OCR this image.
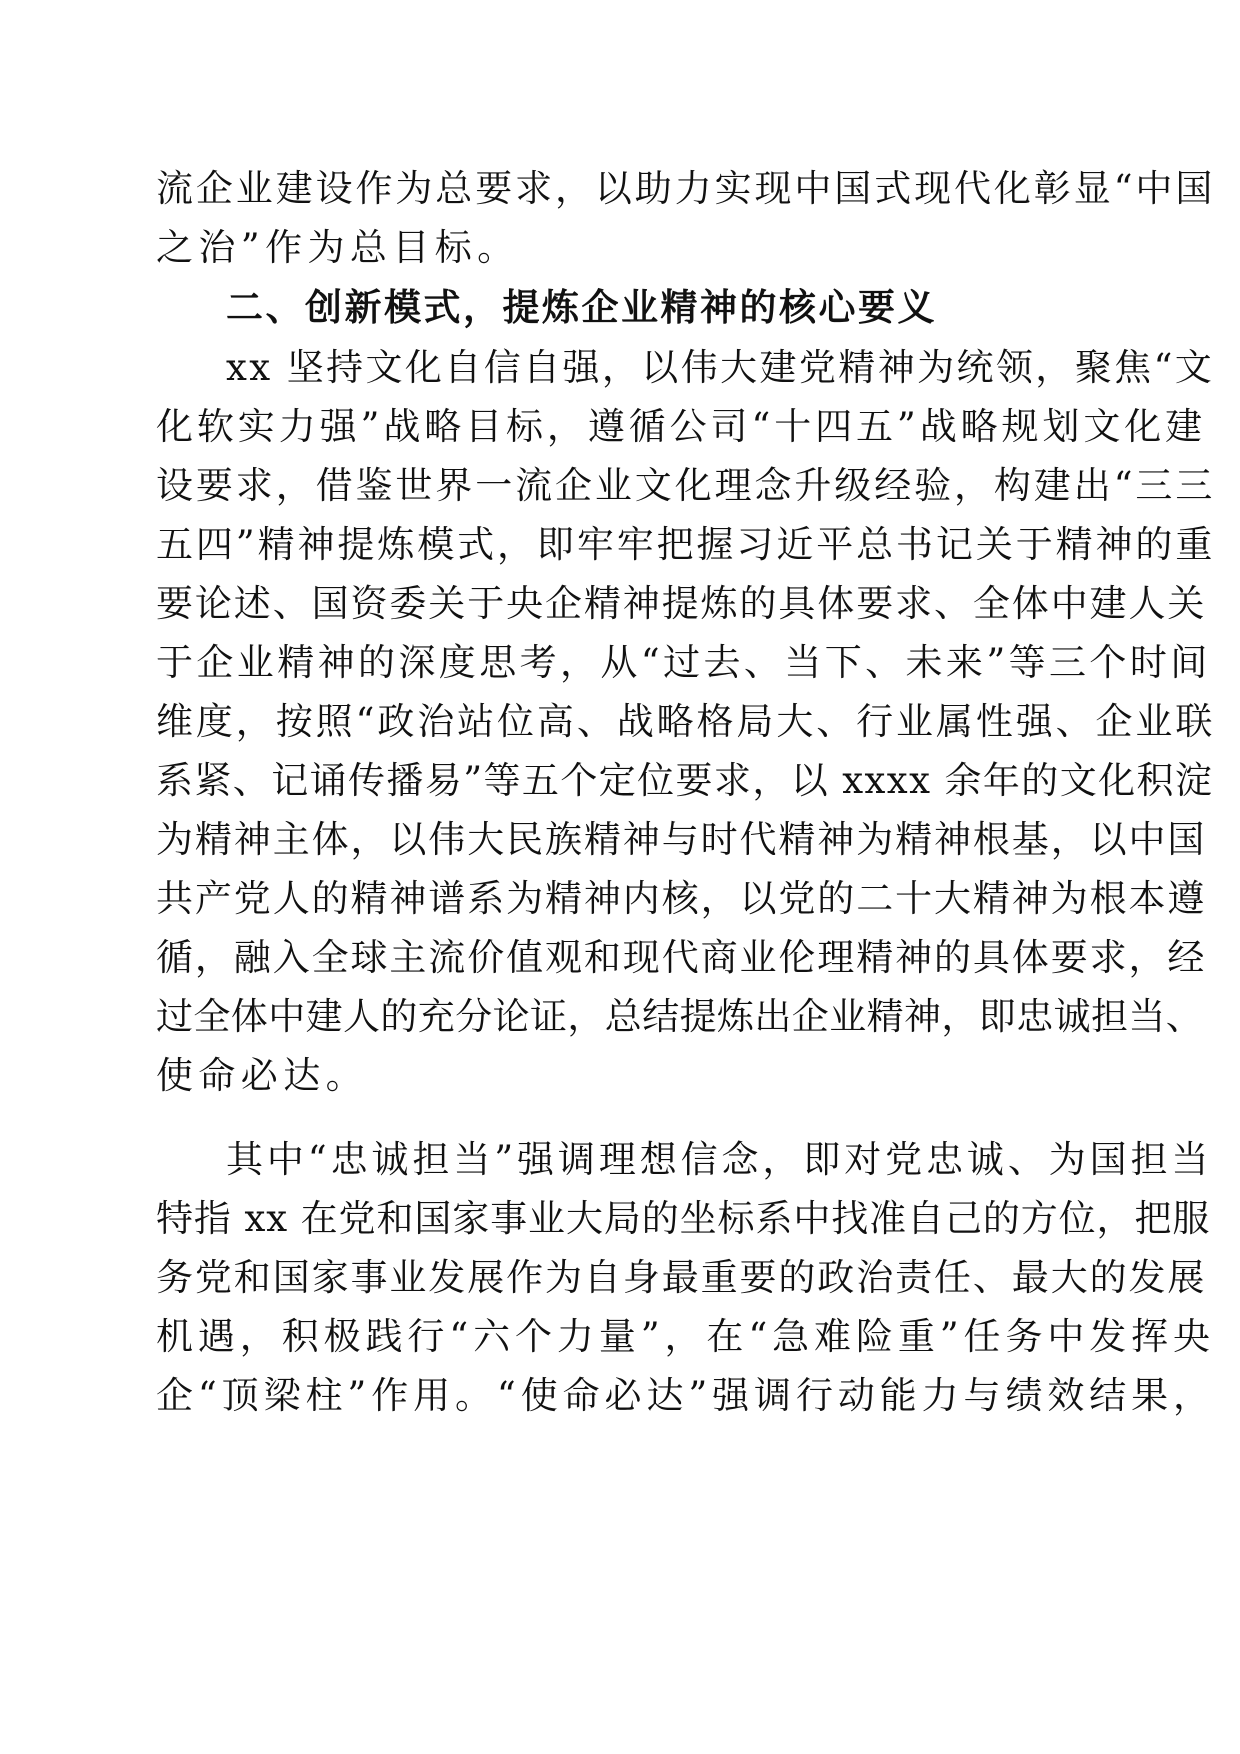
流企业建设作为总要求，以助力实现中国式现代化彰显“中国
之治”作为总目标。
二、创新模式，提炼企业精神的核心要义
xx 坚持文化自信自强，以伟大建党精神为统领，聚焦“文
化软实力强”战略目标，遵循公司“十四五”战略规划文化建
设要求，借鉴世界一流企业文化理念升级经验，构建出“三三
五四”精神提炼模式，即牢牢把握习近平总书记关于精神的重
要论述、国资委关于央企精神提炼的具体要求、全体中建人关
于企业精神的深度思考，从“过去、当下、未来”等三个时间
维度，按照“政治站位高、战略格局大、行业属性强、企业联
系紧、记诵传播易”等五个定位要求，以 xxxx 余年的文化积淀
为精神主体，以伟大民族精神与时代精神为精神根基，以中国
共产党人的精神谱系为精神内核，以党的二十大精神为根本遵
循，融入全球主流价值观和现代商业伦理精神的具体要求，经
过全体中建人的充分论证，总结提炼出企业精神，即忠诚担当、
使命必达。
其中“忠诚担当”强调理想信念，即对党忠诚、为国担当
特指 xx 在党和国家事业大局的坐标系中找准自己的方位，把服
务党和国家事业发展作为自身最重要的政治责任、最大的发展
机遇，积极践行“六个力量”，在“急难险重”任务中发挥央
企“顶梁柱”作用。“使命必达”强调行动能力与绩效结果，
